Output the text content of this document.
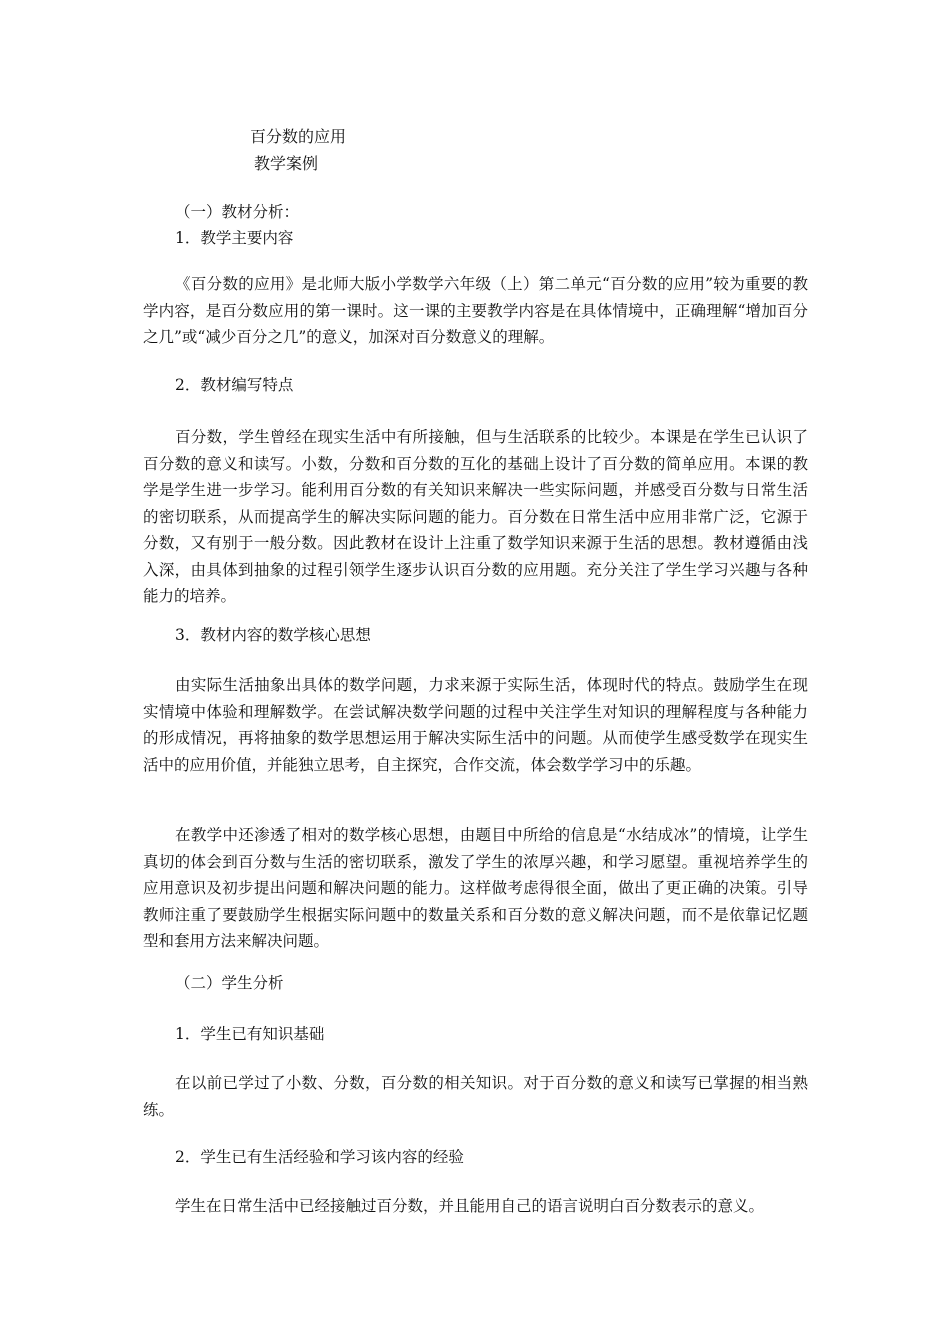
百分数的应用

教学案例

（一）教材分析：

1．教学主要内容

《百分数的应用》是北师大版小学数学六年级（上）第二单元“百分数的应用”较为重要的教学内容，是百分数应用的第一课时。这一课的主要教学内容是在具体情境中，正确理解“增加百分之几”或“减少百分之几”的意义，加深对百分数意义的理解。

2．教材编写特点

百分数，学生曾经在现实生活中有所接触，但与生活联系的比较少。本课是在学生已认识了百分数的意义和读写。小数，分数和百分数的互化的基础上设计了百分数的简单应用。本课的教学是学生进一步学习。能利用百分数的有关知识来解决一些实际问题，并感受百分数与日常生活的密切联系，从而提高学生的解决实际问题的能力。百分数在日常生活中应用非常广泛，它源于分数，又有别于一般分数。因此教材在设计上注重了数学知识来源于生活的思想。教材遵循由浅入深，由具体到抽象的过程引领学生逐步认识百分数的应用题。充分关注了学生学习兴趣与各种能力的培养。

3．教材内容的数学核心思想

由实际生活抽象出具体的数学问题，力求来源于实际生活，体现时代的特点。鼓励学生在现实情境中体验和理解数学。在尝试解决数学问题的过程中关注学生对知识的理解程度与各种能力的形成情况，再将抽象的数学思想运用于解决实际生活中的问题。从而使学生感受数学在现实生活中的应用价值，并能独立思考，自主探究，合作交流，体会数学学习中的乐趣。

在教学中还渗透了相对的数学核心思想，由题目中所给的信息是“水结成冰”的情境，让学生真切的体会到百分数与生活的密切联系，激发了学生的浓厚兴趣，和学习愿望。重视培养学生的应用意识及初步提出问题和解决问题的能力。这样做考虑得很全面，做出了更正确的决策。引导教师注重了要鼓励学生根据实际问题中的数量关系和百分数的意义解决问题，而不是依靠记忆题型和套用方法来解决问题。

（二）学生分析

1．学生已有知识基础

在以前已学过了小数、分数，百分数的相关知识。对于百分数的意义和读写已掌握的相当熟练。

2．学生已有生活经验和学习该内容的经验

学生在日常生活中已经接触过百分数，并且能用自己的语言说明白百分数表示的意义。
